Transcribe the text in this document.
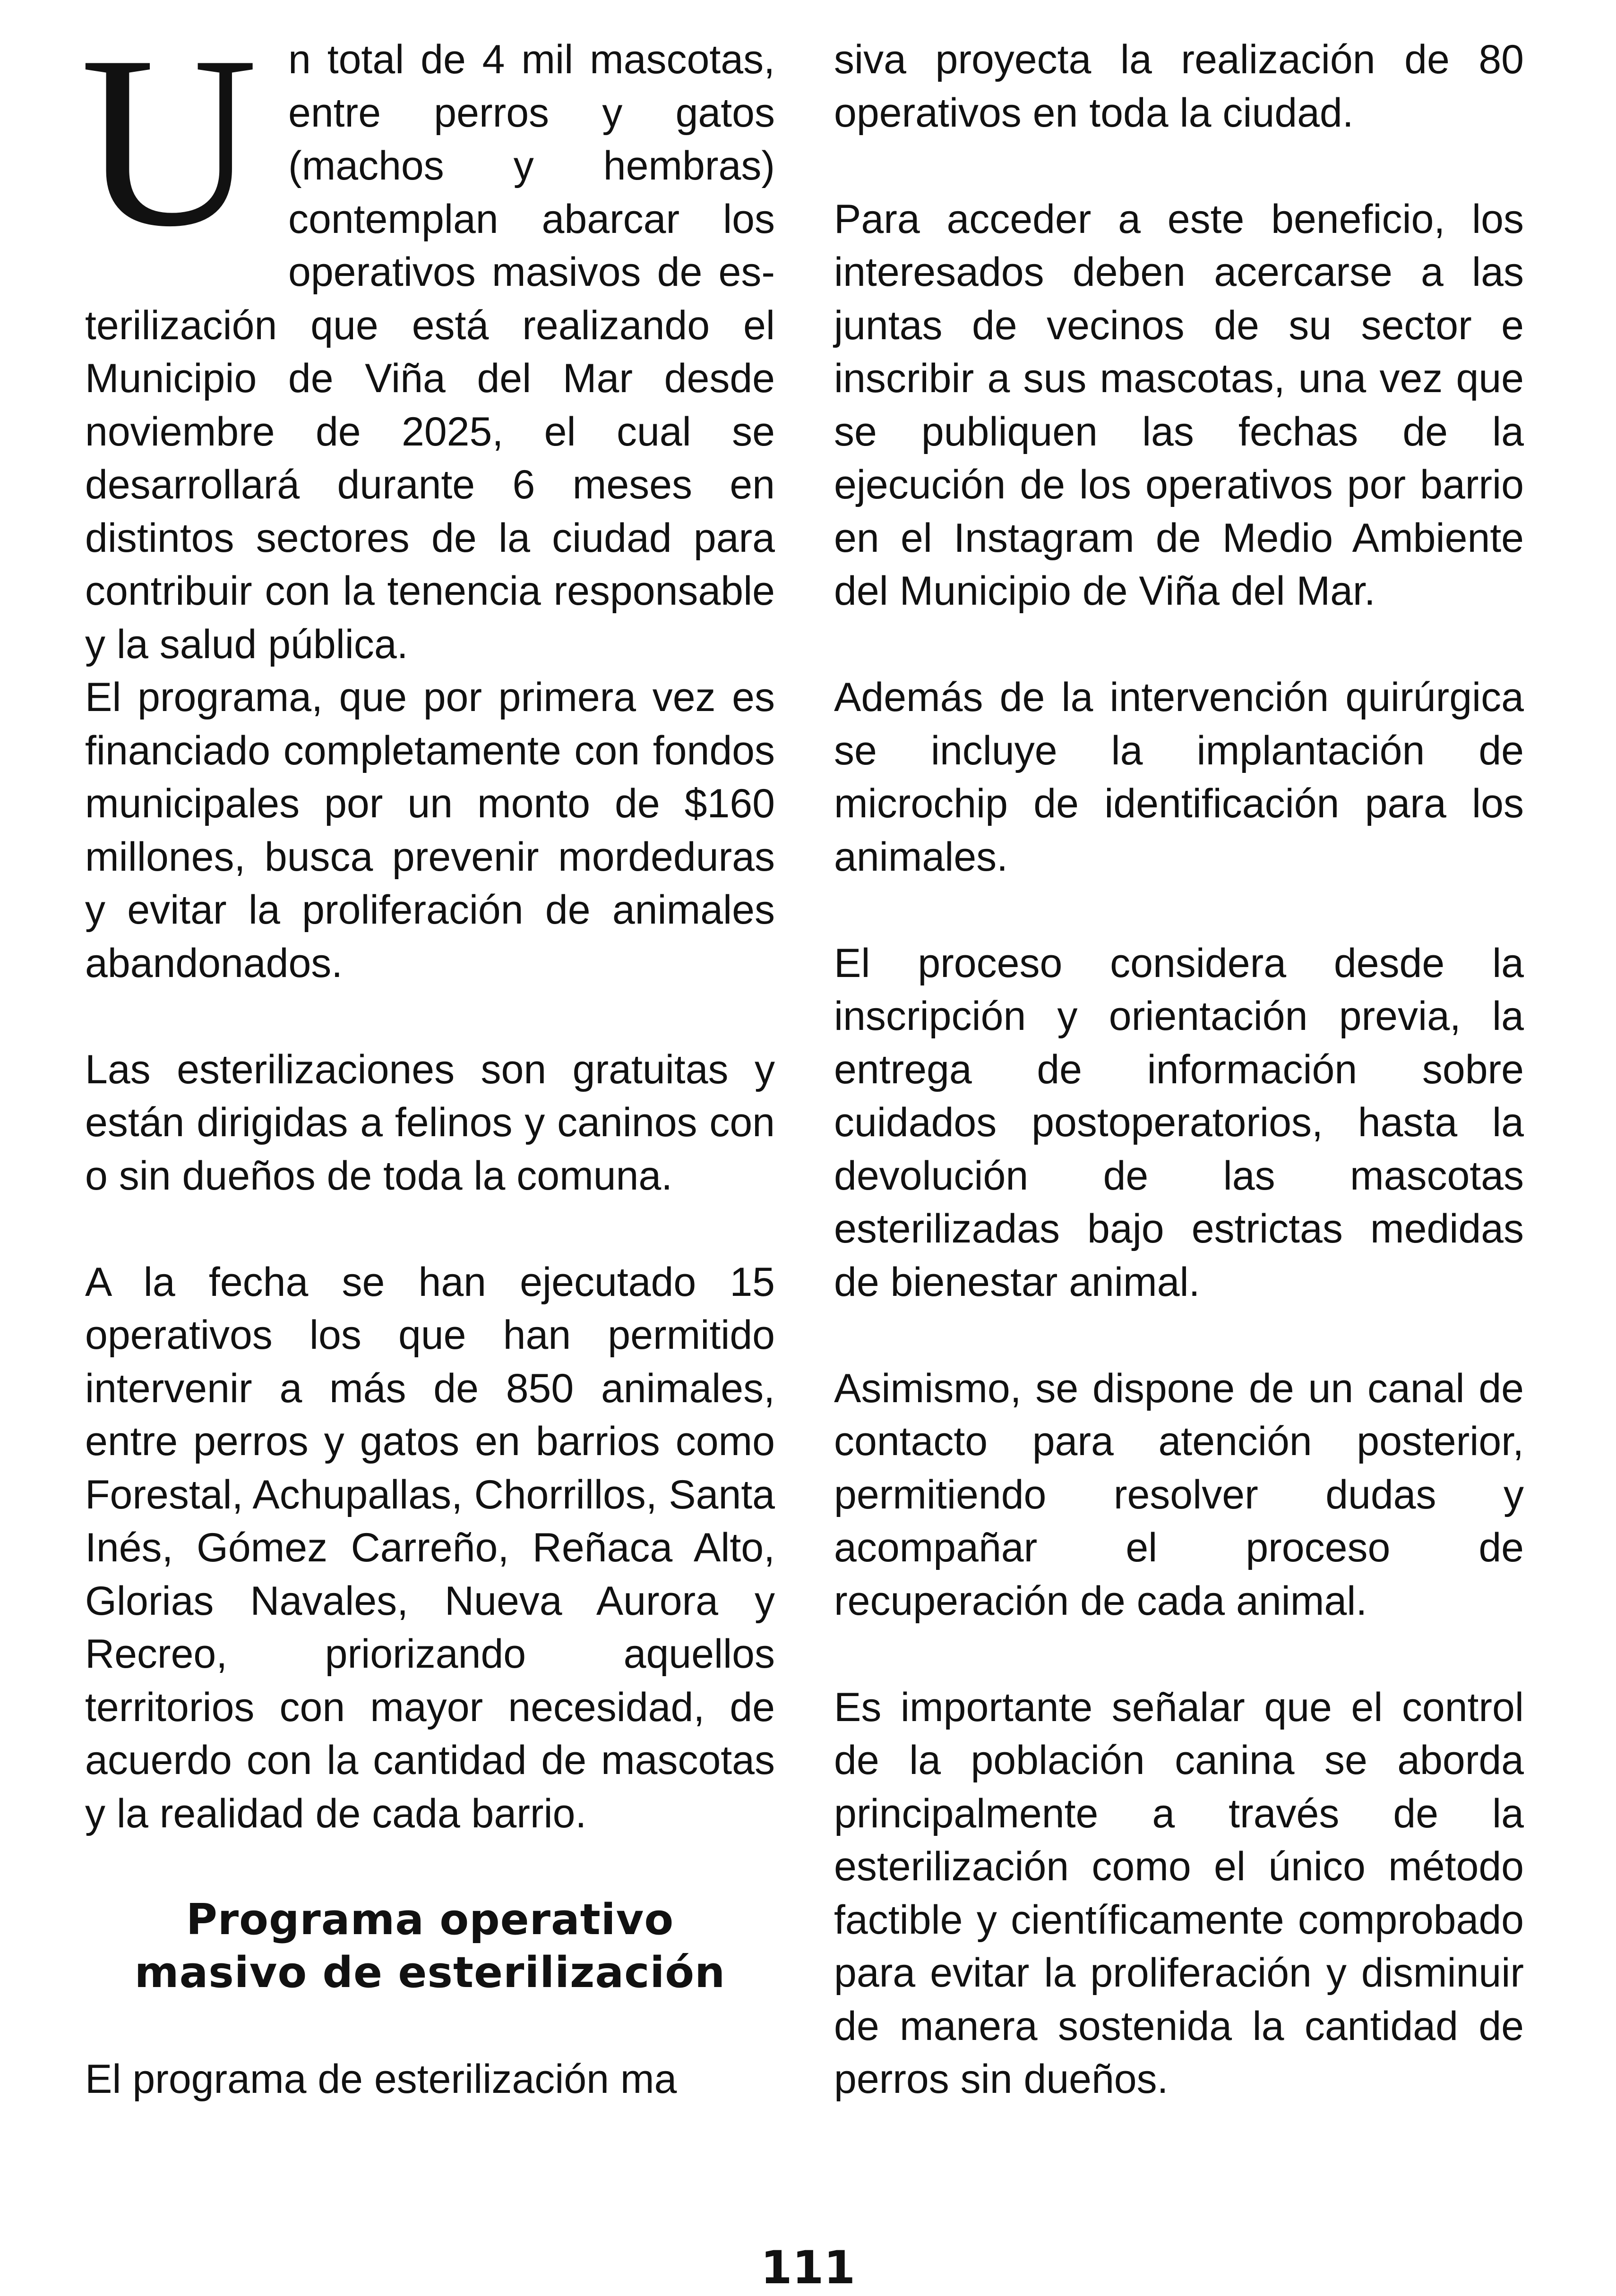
Un total de 4 mil mascotas, entre perros y gatos (machos y hembras) contemplan abarcar los operativos masivos de esterilización que está realizando el Municipio de Viña del Mar desde noviembre de 2025, el cual se desarrollará durante 6 meses en distintos sectores de la ciudad para contribuir con la tenencia responsable y la salud pública.

El programa, que por primera vez es financiado completamente con fondos municipales por un monto de $160 millones, busca prevenir mordeduras y evitar la proliferación de animales abandonados.

Las esterilizaciones son gratuitas y están dirigidas a felinos y caninos con o sin dueños de toda la comuna.

A la fecha se han ejecutado 15 operativos los que han permitido intervenir a más de 850 animales, entre perros y gatos en barrios como Forestal, Achupallas, Chorrillos, Santa Inés, Gómez Carreño, Reñaca Alto, Glorias Navales, Nueva Aurora y Recreo, priorizando aquellos territorios con mayor necesidad, de acuerdo con la cantidad de mascotas y la realidad de cada barrio.

Programa operativo
masivo de esterilización

El programa de esterilización ma

siva proyecta la realización de 80 operativos en toda la ciudad.

Para acceder a este beneficio, los interesados deben acercarse a las juntas de vecinos de su sector e inscribir a sus mascotas, una vez que se publiquen las fechas de la ejecución de los operativos por barrio en el Instagram de Medio Ambiente del Municipio de Viña del Mar.

Además de la intervención quirúrgica se incluye la implantación de microchip de identificación para los animales.

El proceso considera desde la inscripción y orientación previa, la entrega de información sobre cuidados postoperatorios, hasta la devolución de las mascotas esterilizadas bajo estrictas medidas de bienestar animal.

Asimismo, se dispone de un canal de contacto para atención posterior, permitiendo resolver dudas y acompañar el proceso de recuperación de cada animal.

Es importante señalar que el control de la población canina se aborda principalmente a través de la esterilización como el único método factible y científicamente comprobado para evitar la proliferación y disminuir de manera sostenida la cantidad de perros sin dueños.

111
